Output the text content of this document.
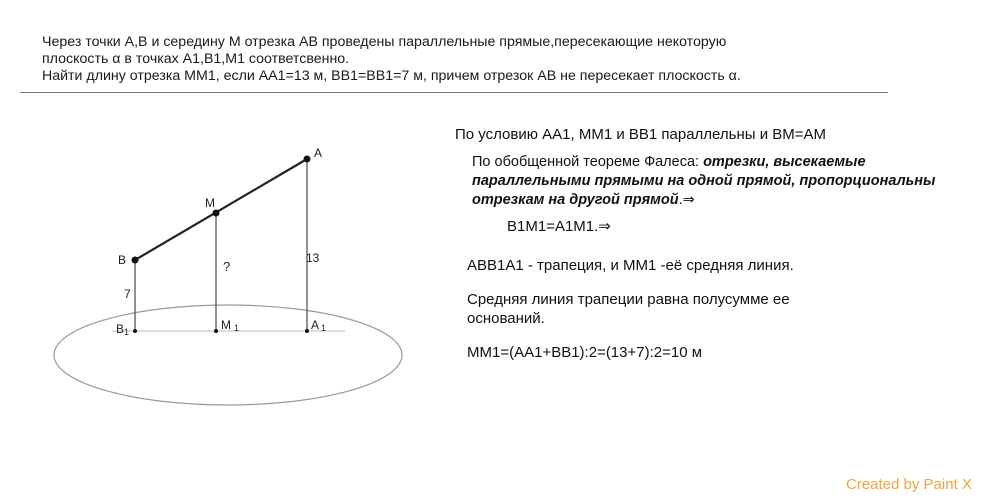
Через точки А,В и середину М отрезка АВ проведены параллельные прямые,пересекающие некоторую
плоскость α в точках А1,В1,М1 соответсвенно.
Найти длину отрезка ММ1, если АА1=13 м, ВВ1=ВВ1=7 м, причем отрезок АВ не пересекает плоскость α.
A
M
B
B1	M 1	A 1
7
?
13
По условию АА1, ММ1 и ВВ1 параллельны и ВМ=АМ
По обобщенной теореме Фалеса: отрезки, высекаемые параллельными прямыми на одной прямой, пропорциональны отрезкам на другой прямой.⇒
В1М1=А1М1.⇒
АВВ1А1 - трапеция, и ММ1 -её средняя линия.
Средняя линия трапеции равна полусумме ее
оснований.
ММ1=(АА1+ВВ1):2=(13+7):2=10 м
Created by Paint X
